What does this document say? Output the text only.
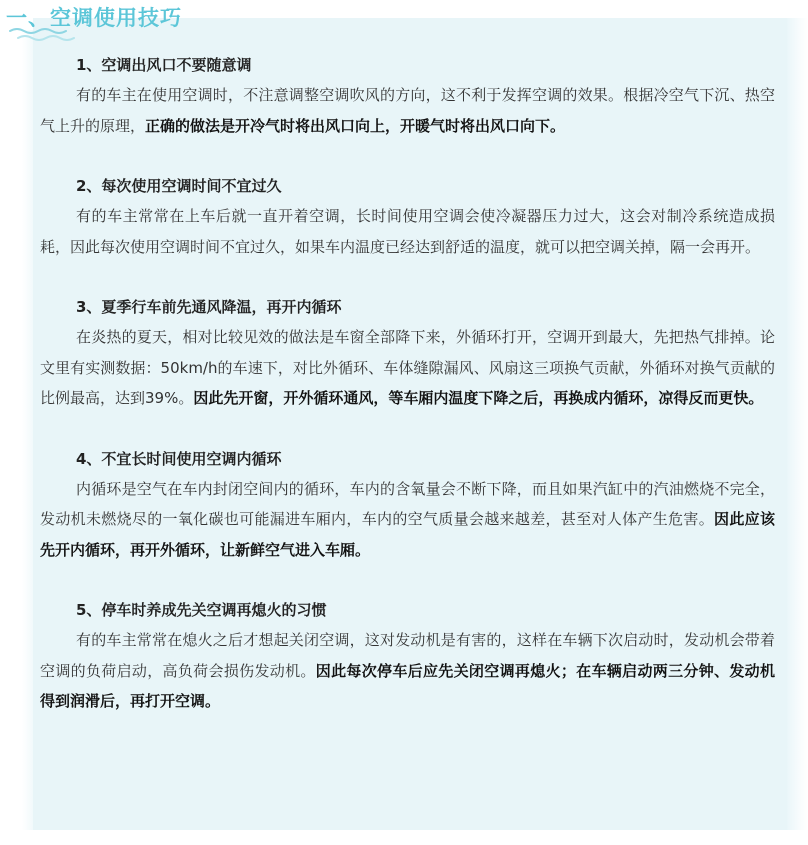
一、空调使用技巧
1、空调出风口不要随意调

有的车主在使用空调时，不注意调整空调吹风的方向，这不利于发挥空调的效果。根据冷空气下沉、热空气上升的原理，正确的做法是开冷气时将出风口向上，开暖气时将出风口向下。

2、每次使用空调时间不宜过久

有的车主常常在上车后就一直开着空调，长时间使用空调会使冷凝器压力过大，这会对制冷系统造成损耗，因此每次使用空调时间不宜过久，如果车内温度已经达到舒适的温度，就可以把空调关掉，隔一会再开。

3、夏季行车前先通风降温，再开内循环

在炎热的夏天，相对比较见效的做法是车窗全部降下来，外循环打开，空调开到最大，先把热气排掉。论文里有实测数据：50km/h的车速下，对比外循环、车体缝隙漏风、风扇这三项换气贡献，外循环对换气贡献的比例最高，达到39%。因此先开窗，开外循环通风，等车厢内温度下降之后，再换成内循环，凉得反而更快。

4、不宜长时间使用空调内循环

内循环是空气在车内封闭空间内的循环，车内的含氧量会不断下降，而且如果汽缸中的汽油燃烧不完全，发动机未燃烧尽的一氧化碳也可能漏进车厢内，车内的空气质量会越来越差，甚至对人体产生危害。因此应该先开内循环，再开外循环，让新鲜空气进入车厢。

5、停车时养成先关空调再熄火的习惯

有的车主常常在熄火之后才想起关闭空调，这对发动机是有害的，这样在车辆下次启动时，发动机会带着空调的负荷启动，高负荷会损伤发动机。因此每次停车后应先关闭空调再熄火；在车辆启动两三分钟、发动机得到润滑后，再打开空调。
